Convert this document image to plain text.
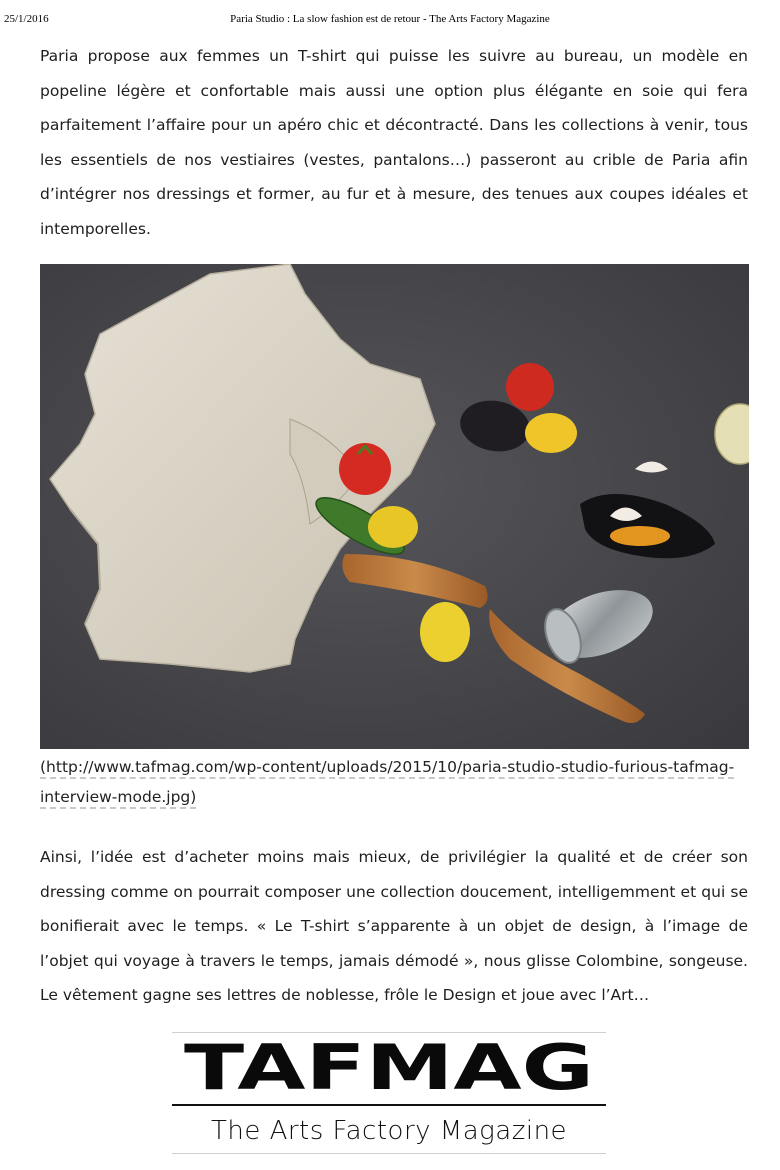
25/1/2016	Paria Studio : La slow fashion est de retour - The Arts Factory Magazine

Paria propose aux femmes un T-shirt qui puisse les suivre au bureau, un modèle en popeline légère et confortable mais aussi une option plus élégante en soie qui fera parfaitement l’affaire pour un apéro chic et décontracté. Dans les collections à venir, tous les essentiels de nos vestiaires (vestes, pantalons…) passeront au crible de Paria afin d’intégrer nos dressings et former, au fur et à mesure, des tenues aux coupes idéales et intemporelles.

(http://www.tafmag.com/wp-content/uploads/2015/10/paria-studio-studio-furious-tafmag-interview-mode.jpg)

Ainsi, l’idée est d’acheter moins mais mieux, de privilégier la qualité et de créer son dressing comme on pourrait composer une collection doucement, intelligemment et qui se bonifierait avec le temps. « Le T-shirt s’apparente à un objet de design, à l’image de l’objet qui voyage à travers le temps, jamais démodé », nous glisse Colombine, songeuse. Le vêtement gagne ses lettres de noblesse, frôle le Design et joue avec l’Art…

TAFMAG
The Arts Factory Magazine
